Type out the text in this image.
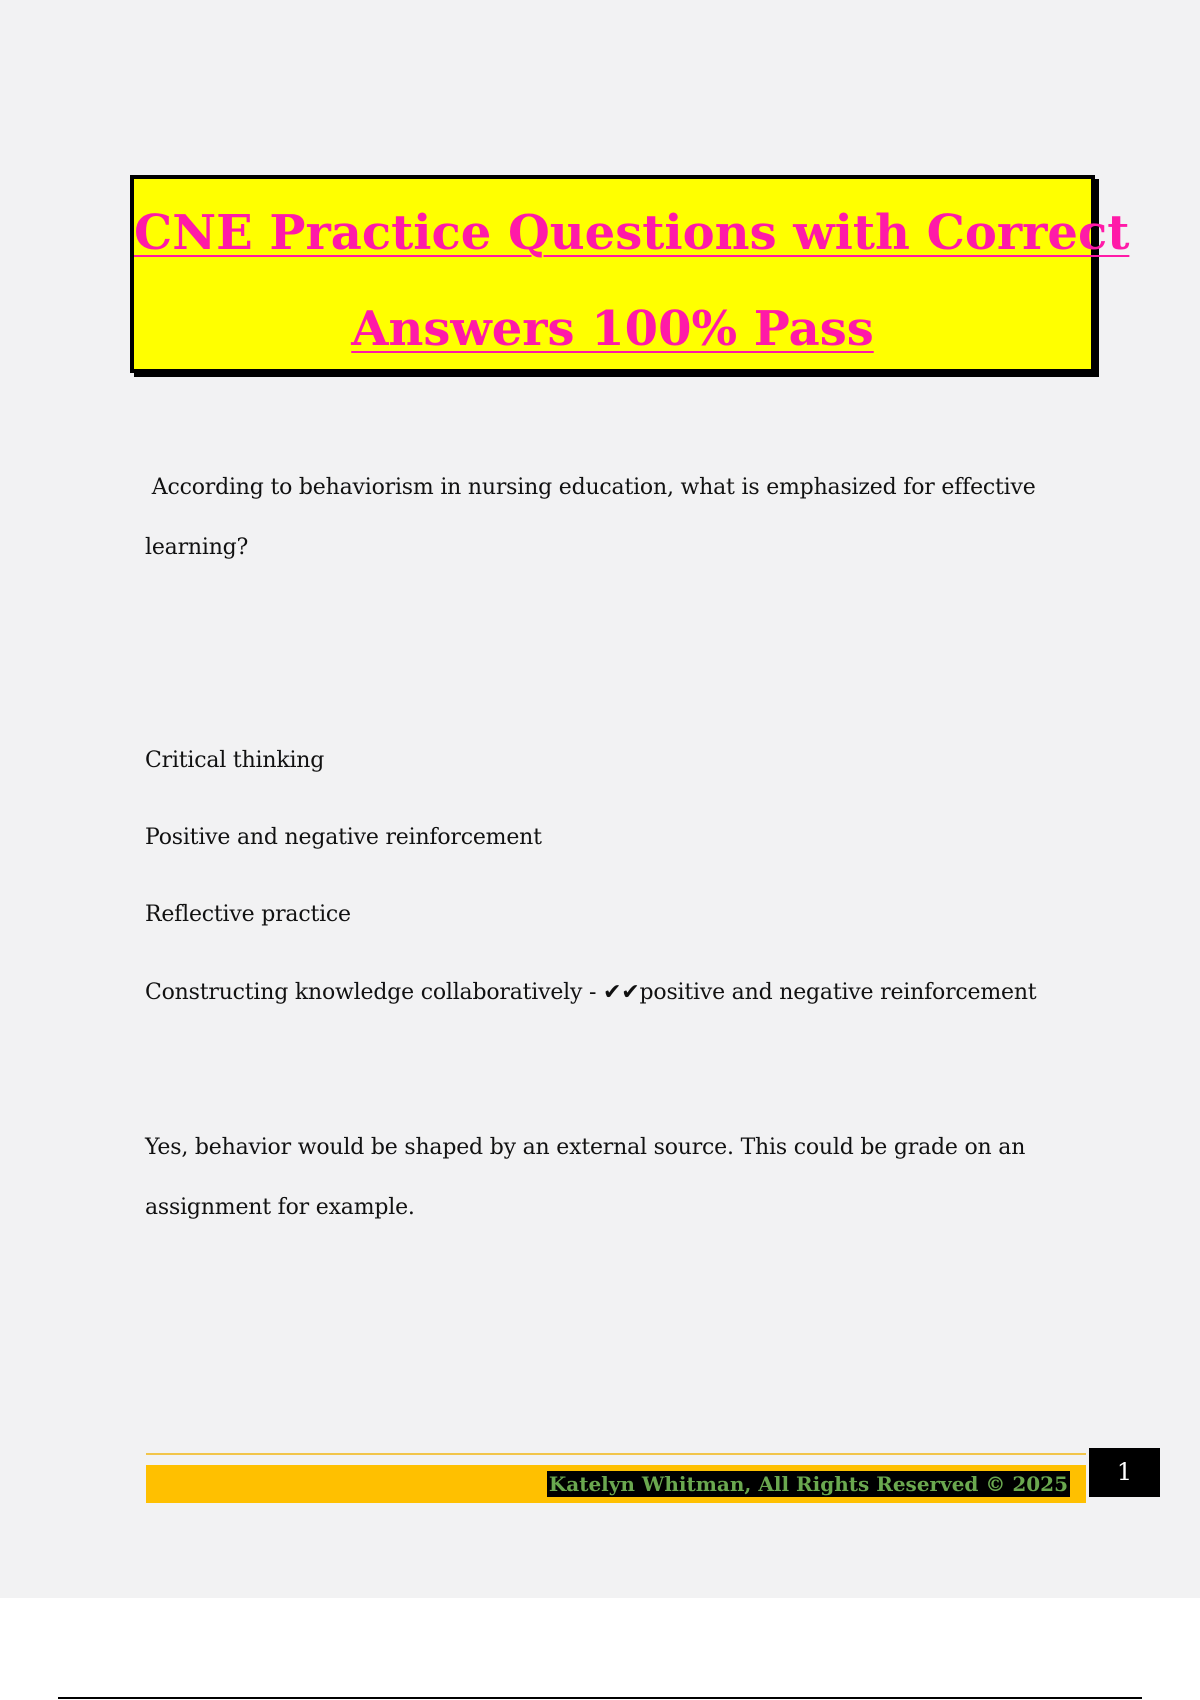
CNE Practice Questions with Correct
Answers 100% Pass
According to behaviorism in nursing education, what is emphasized for effective
learning?
Critical thinking
Positive and negative reinforcement
Reflective practice
Constructing knowledge collaboratively - ✔✔positive and negative reinforcement
Yes, behavior would be shaped by an external source. This could be grade on an
assignment for example.
Katelyn Whitman, All Rights Reserved © 2025	1
